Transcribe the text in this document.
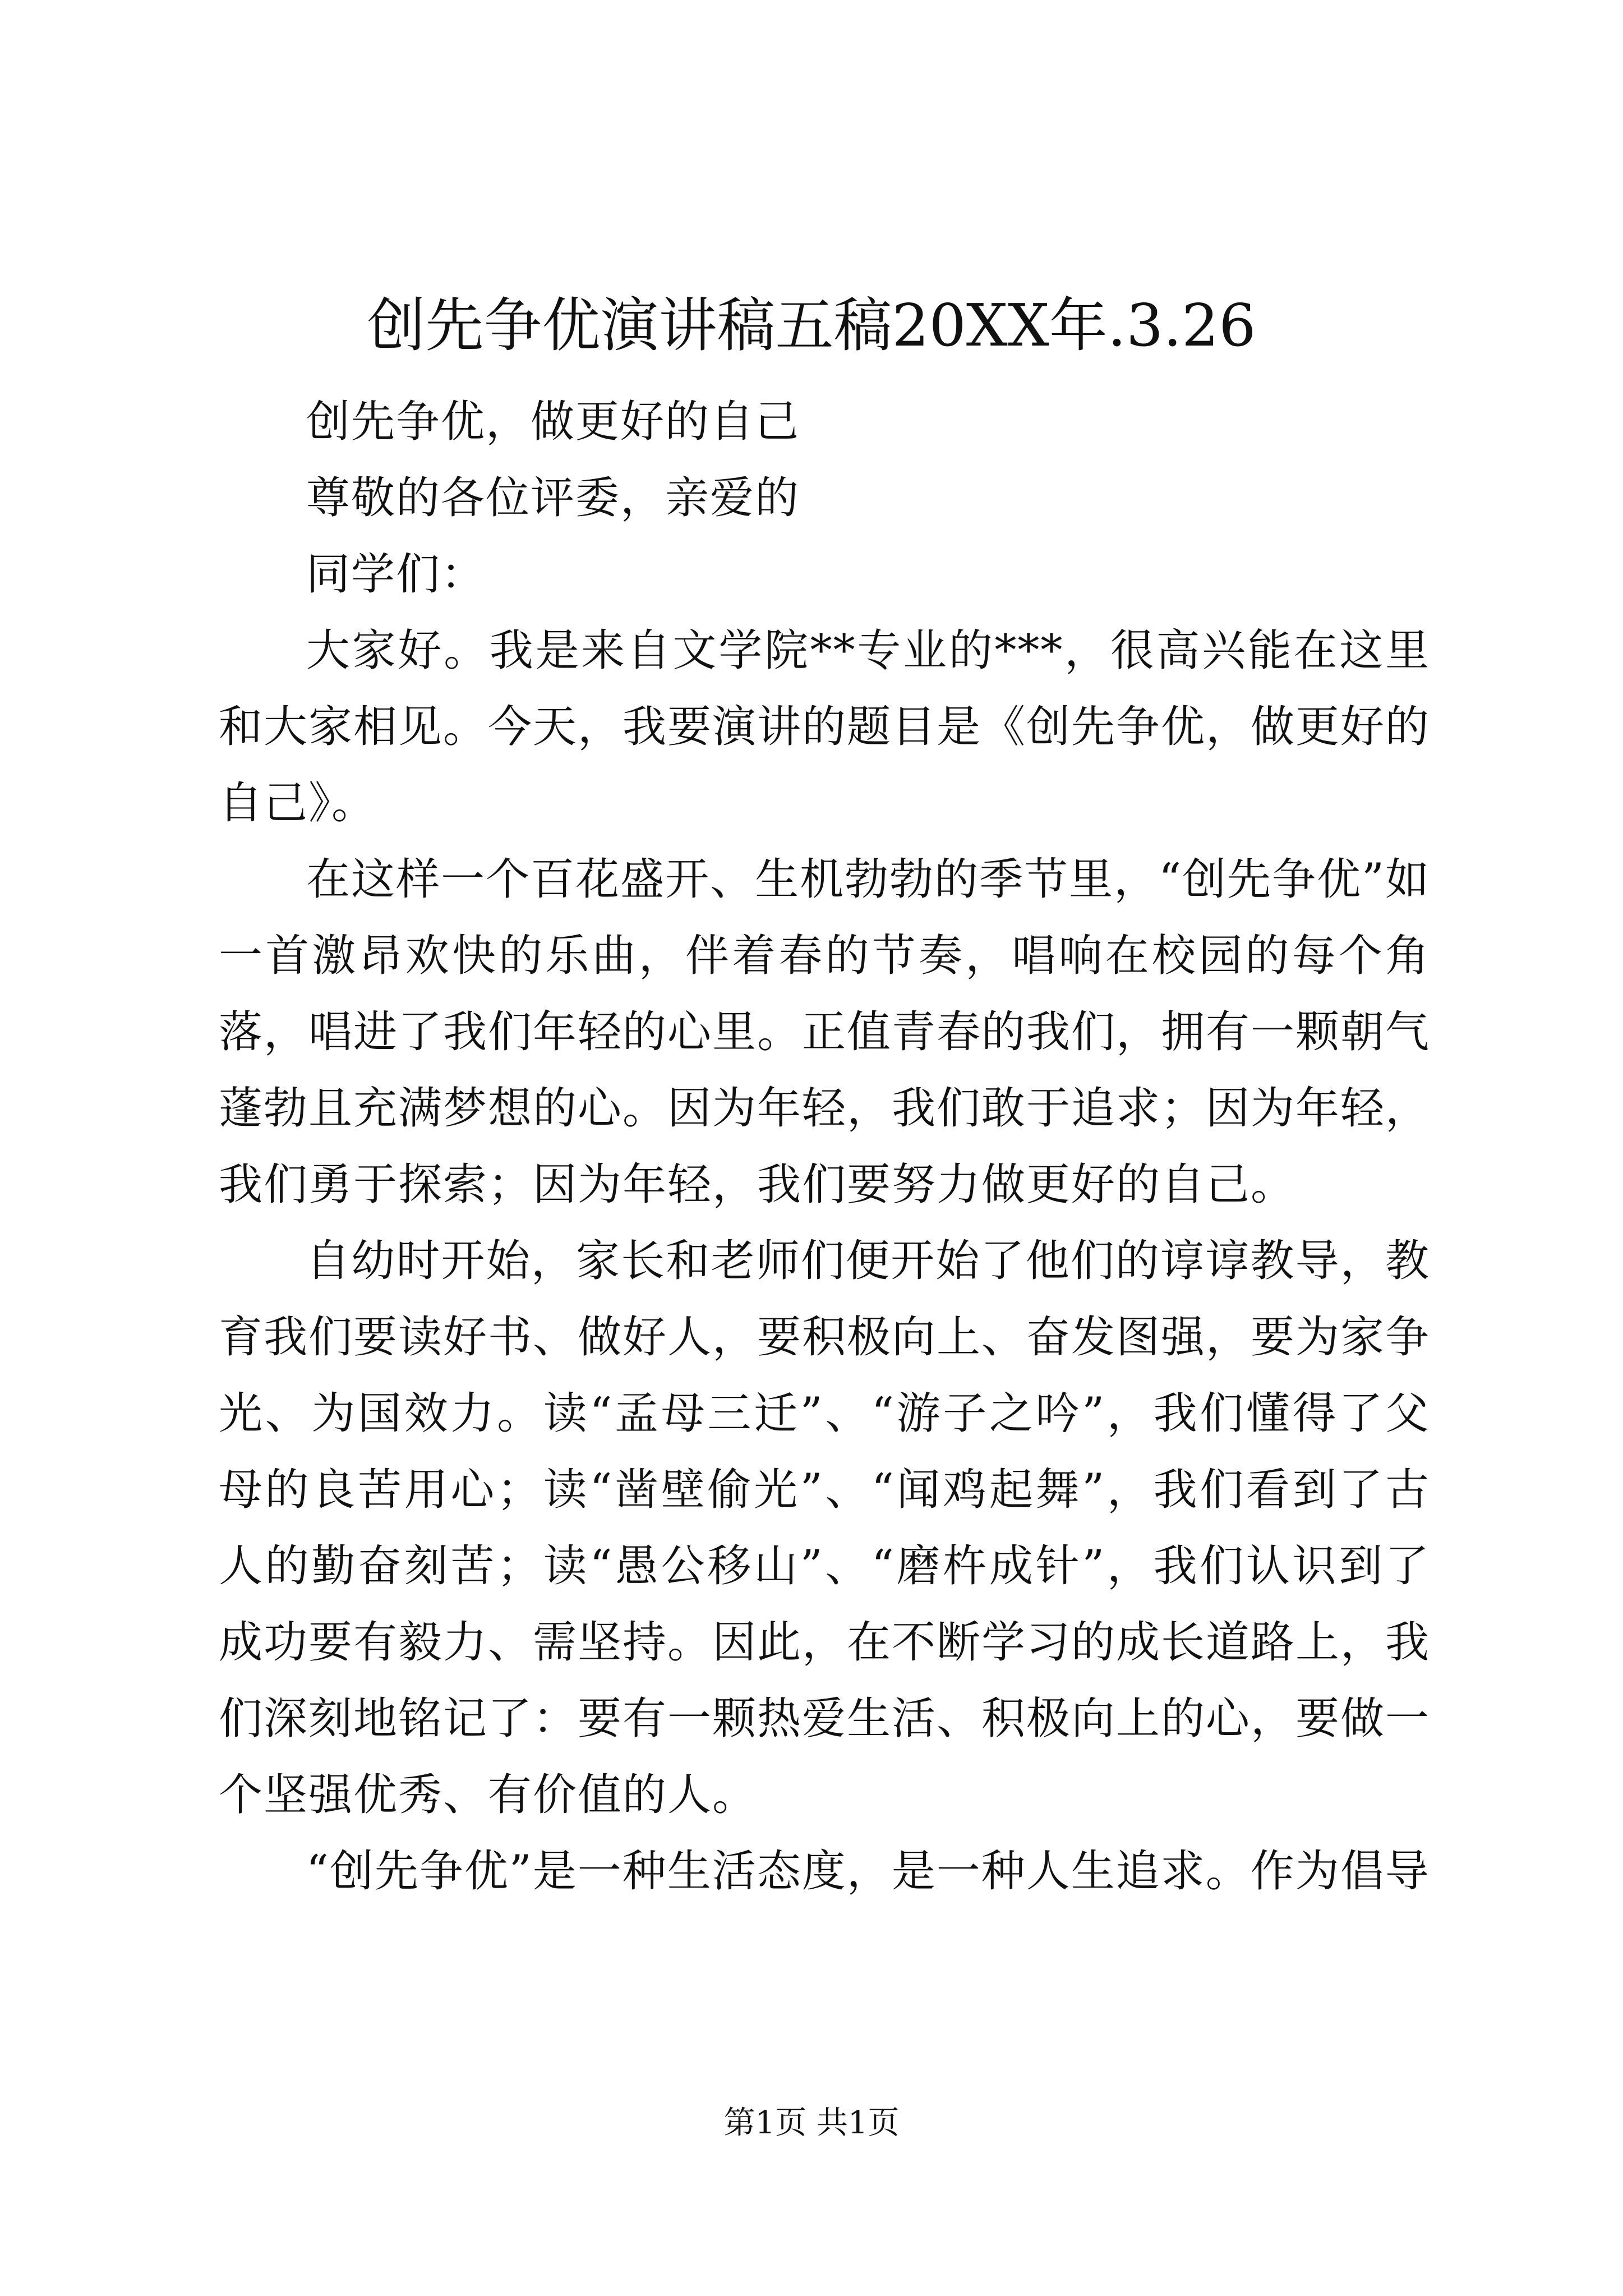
创先争优演讲稿五稿20XX年.3.26

创先争优，做更好的自己

尊敬的各位评委，亲爱的

同学们：

大家好。我是来自文学院**专业的***，很高兴能在这里和大家相见。今天，我要演讲的题目是《创先争优，做更好的自己》。

在这样一个百花盛开、生机勃勃的季节里，“创先争优”如一首激昂欢快的乐曲，伴着春的节奏，唱响在校园的每个角落，唱进了我们年轻的心里。正值青春的我们，拥有一颗朝气蓬勃且充满梦想的心。因为年轻，我们敢于追求；因为年轻，我们勇于探索；因为年轻，我们要努力做更好的自己。

自幼时开始，家长和老师们便开始了他们的谆谆教导，教育我们要读好书、做好人，要积极向上、奋发图强，要为家争光、为国效力。读“孟母三迁”、“游子之吟”，我们懂得了父母的良苦用心；读“凿壁偷光”、“闻鸡起舞”，我们看到了古人的勤奋刻苦；读“愚公移山”、“磨杵成针”，我们认识到了成功要有毅力、需坚持。因此，在不断学习的成长道路上，我们深刻地铭记了：要有一颗热爱生活、积极向上的心，要做一个坚强优秀、有价值的人。

“创先争优”是一种生活态度，是一种人生追求。作为倡导

第1页 共1页
